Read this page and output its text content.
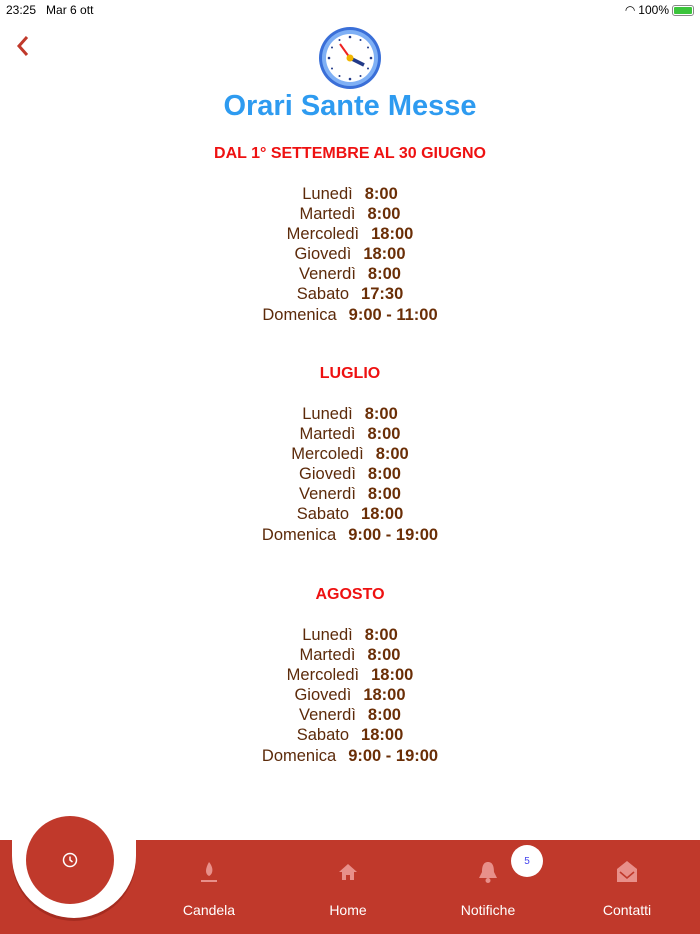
23:25 Mar 6 ott	◠ 100%
Orari Sante Messe
DAL 1° SETTEMBRE AL 30 GIUGNO
Lunedì 8:00
Martedì 8:00
Mercoledì 18:00
Giovedì 18:00
Venerdì 8:00
Sabato 17:30
Domenica 9:00 - 11:00
LUGLIO
Lunedì 8:00
Martedì 8:00
Mercoledì 8:00
Giovedì 8:00
Venerdì 8:00
Sabato 18:00
Domenica 9:00 - 19:00
AGOSTO
Lunedì 8:00
Martedì 8:00
Mercoledì 18:00
Giovedì 18:00
Venerdì 8:00
Sabato 18:00
Domenica 9:00 - 19:00
Candela	Home	Notifiche
5
Contatti
